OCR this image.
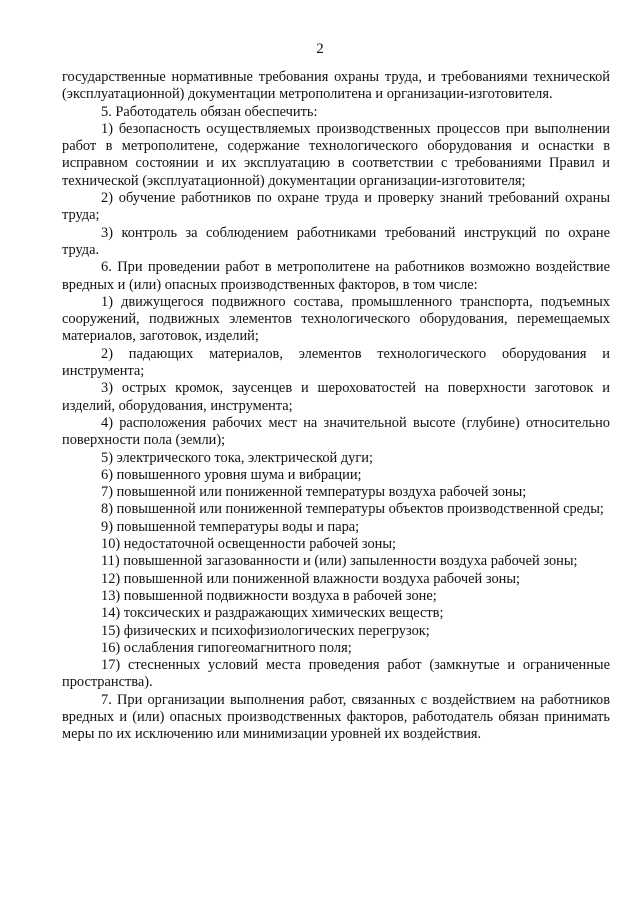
2

государственные нормативные требования охраны труда, и требованиями технической (эксплуатационной) документации метрополитена и организации-изготовителя.

5. Работодатель обязан обеспечить:

1) безопасность осуществляемых производственных процессов при выполнении работ в метрополитене, содержание технологического оборудования и оснастки в исправном состоянии и их эксплуатацию в соответствии с требованиями Правил и технической (эксплуатационной) документации организации-изготовителя;

2) обучение работников по охране труда и проверку знаний требований охраны труда;

3) контроль за соблюдением работниками требований инструкций по охране труда.

6. При проведении работ в метрополитене на работников возможно воздействие вредных и (или) опасных производственных факторов, в том числе:

1) движущегося подвижного состава, промышленного транспорта, подъемных сооружений, подвижных элементов технологического оборудования, перемещаемых материалов, заготовок, изделий;

2) падающих материалов, элементов технологического оборудования и инструмента;

3) острых кромок, заусенцев и шероховатостей на поверхности заготовок и изделий, оборудования, инструмента;

4) расположения рабочих мест на значительной высоте (глубине) относительно поверхности пола (земли);

5) электрического тока, электрической дуги;

6) повышенного уровня шума и вибрации;

7) повышенной или пониженной температуры воздуха рабочей зоны;

8) повышенной или пониженной температуры объектов производственной среды;

9) повышенной температуры воды и пара;

10) недостаточной освещенности рабочей зоны;

11) повышенной загазованности и (или) запыленности воздуха рабочей зоны;

12) повышенной или пониженной влажности воздуха рабочей зоны;

13) повышенной подвижности воздуха в рабочей зоне;

14) токсических и раздражающих химических веществ;

15) физических и психофизиологических перегрузок;

16) ослабления гипогеомагнитного поля;

17) стесненных условий места проведения работ (замкнутые и ограниченные пространства).

7. При организации выполнения работ, связанных с воздействием на работников вредных и (или) опасных производственных факторов, работодатель обязан принимать меры по их исключению или минимизации уровней их воздействия.
